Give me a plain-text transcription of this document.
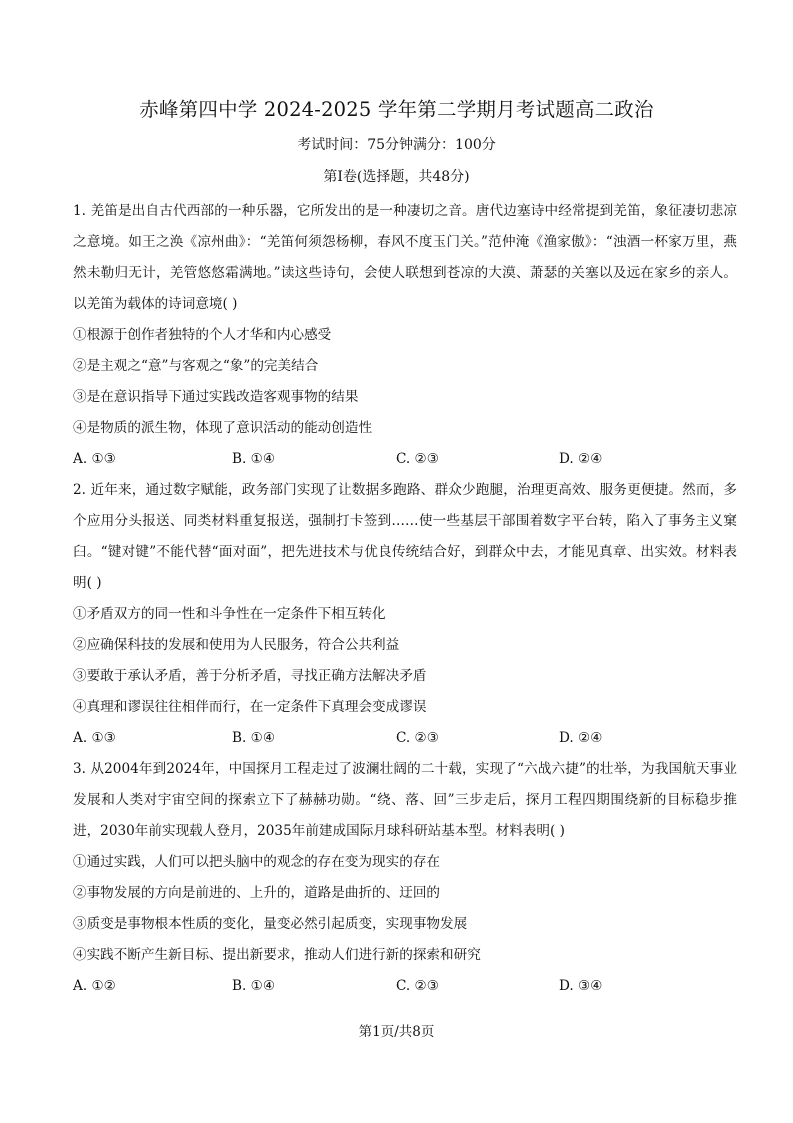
赤峰第四中学 2024-2025 学年第二学期月考试题高二政治
考试时间：75分钟满分：100分
第Ⅰ卷(选择题，共48分)
1. 羌笛是出自古代西部的一种乐器，它所发出的是一种凄切之音。唐代边塞诗中经常提到羌笛，象征凄切悲凉之意境。如王之涣《凉州曲》：“羌笛何须怨杨柳，春风不度玉门关。”范仲淹《渔家傲》：“浊酒一杯家万里，燕然未勒归无计，羌管悠悠霜满地。”读这些诗句，会使人联想到苍凉的大漠、萧瑟的关塞以及远在家乡的亲人。以羌笛为载体的诗词意境( )
①根源于创作者独特的个人才华和内心感受
②是主观之“意”与客观之“象”的完美结合
③是在意识指导下通过实践改造客观事物的结果
④是物质的派生物，体现了意识活动的能动创造性
A. ①③	B. ①④	C. ②③	D. ②④
2. 近年来，通过数字赋能，政务部门实现了让数据多跑路、群众少跑腿，治理更高效、服务更便捷。然而，多个应用分头报送、同类材料重复报送，强制打卡签到……使一些基层干部围着数字平台转，陷入了事务主义窠臼。“键对键”不能代替“面对面”，把先进技术与优良传统结合好，到群众中去，才能见真章、出实效。材料表明( )
①矛盾双方的同一性和斗争性在一定条件下相互转化
②应确保科技的发展和使用为人民服务，符合公共利益
③要敢于承认矛盾，善于分析矛盾，寻找正确方法解决矛盾
④真理和谬误往往相伴而行，在一定条件下真理会变成谬误
A. ①③	B. ①④	C. ②③	D. ②④
3. 从2004年到2024年，中国探月工程走过了波澜壮阔的二十载，实现了“六战六捷”的壮举，为我国航天事业发展和人类对宇宙空间的探索立下了赫赫功勋。“绕、落、回”三步走后，探月工程四期围绕新的目标稳步推进，2030年前实现载人登月，2035年前建成国际月球科研站基本型。材料表明( )
①通过实践，人们可以把头脑中的观念的存在变为现实的存在
②事物发展的方向是前进的、上升的，道路是曲折的、迂回的
③质变是事物根本性质的变化，量变必然引起质变，实现事物发展
④实践不断产生新目标、提出新要求，推动人们进行新的探索和研究
A. ①②	B. ①④	C. ②③	D. ③④
第1页/共8页
